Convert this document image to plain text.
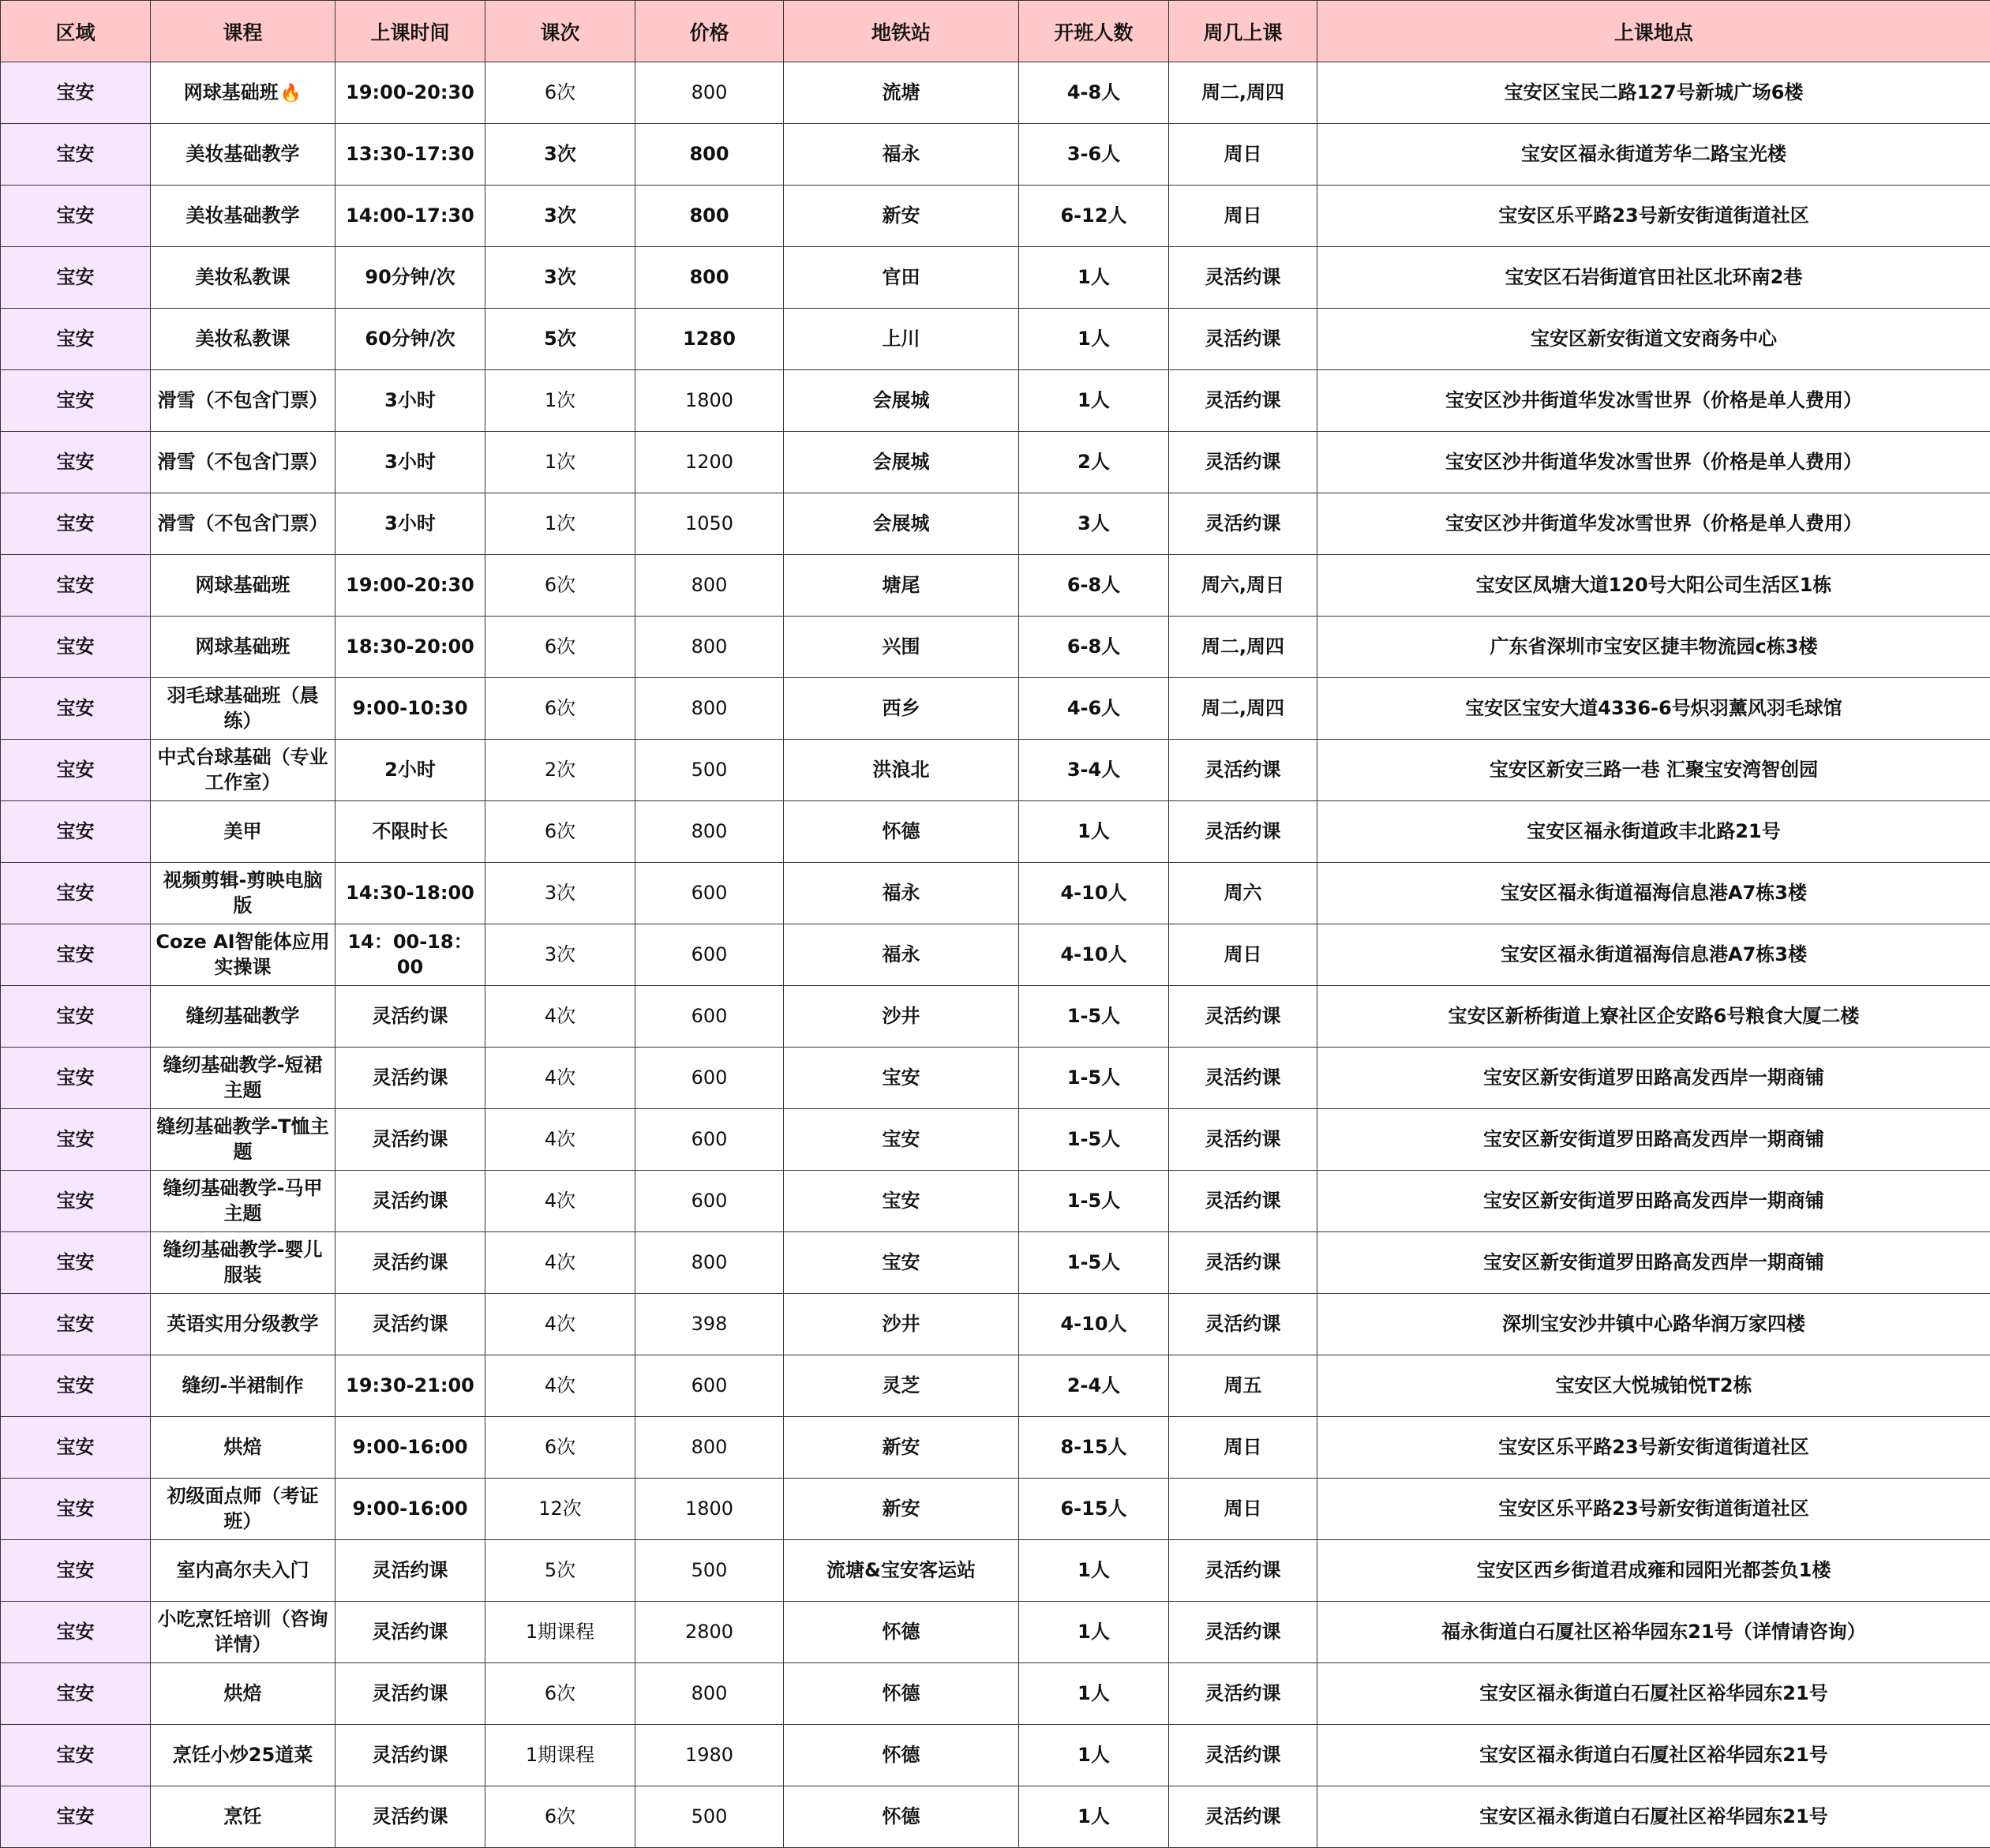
区域	课程	上课时间	课次	价格	地铁站	开班人数	周几上课	上课地点
宝安	网球基础班🔥	19:00-20:30	6次	800	流塘	4-8人	周二,周四	宝安区宝民二路127号新城广场6楼
宝安	美妆基础教学	13:30-17:30	3次	800	福永	3-6人	周日	宝安区福永街道芳华二路宝光楼
宝安	美妆基础教学	14:00-17:30	3次	800	新安	6-12人	周日	宝安区乐平路23号新安街道街道社区
宝安	美妆私教课	90分钟/次	3次	800	官田	1人	灵活约课	宝安区石岩街道官田社区北环南2巷
宝安	美妆私教课	60分钟/次	5次	1280	上川	1人	灵活约课	宝安区新安街道文安商务中心
宝安	滑雪（不包含门票）	3小时	1次	1800	会展城	1人	灵活约课	宝安区沙井街道华发冰雪世界（价格是单人费用）
宝安	滑雪（不包含门票）	3小时	1次	1200	会展城	2人	灵活约课	宝安区沙井街道华发冰雪世界（价格是单人费用）
宝安	滑雪（不包含门票）	3小时	1次	1050	会展城	3人	灵活约课	宝安区沙井街道华发冰雪世界（价格是单人费用）
宝安	网球基础班	19:00-20:30	6次	800	塘尾	6-8人	周六,周日	宝安区凤塘大道120号大阳公司生活区1栋
宝安	网球基础班	18:30-20:00	6次	800	兴围	6-8人	周二,周四	广东省深圳市宝安区捷丰物流园c栋3楼
宝安	羽毛球基础班（晨练）	9:00-10:30	6次	800	西乡	4-6人	周二,周四	宝安区宝安大道4336-6号炽羽薰风羽毛球馆
宝安	中式台球基础（专业工作室）	2小时	2次	500	洪浪北	3-4人	灵活约课	宝安区新安三路一巷 汇聚宝安湾智创园
宝安	美甲	不限时长	6次	800	怀德	1人	灵活约课	宝安区福永街道政丰北路21号
宝安	视频剪辑-剪映电脑版	14:30-18:00	3次	600	福永	4-10人	周六	宝安区福永街道福海信息港A7栋3楼
宝安	Coze AI智能体应用实操课	14：00-18：00	3次	600	福永	4-10人	周日	宝安区福永街道福海信息港A7栋3楼
宝安	缝纫基础教学	灵活约课	4次	600	沙井	1-5人	灵活约课	宝安区新桥街道上寮社区企安路6号粮食大厦二楼
宝安	缝纫基础教学-短裙主题	灵活约课	4次	600	宝安	1-5人	灵活约课	宝安区新安街道罗田路高发西岸一期商铺
宝安	缝纫基础教学-T恤主题	灵活约课	4次	600	宝安	1-5人	灵活约课	宝安区新安街道罗田路高发西岸一期商铺
宝安	缝纫基础教学-马甲主题	灵活约课	4次	600	宝安	1-5人	灵活约课	宝安区新安街道罗田路高发西岸一期商铺
宝安	缝纫基础教学-婴儿服装	灵活约课	4次	800	宝安	1-5人	灵活约课	宝安区新安街道罗田路高发西岸一期商铺
宝安	英语实用分级教学	灵活约课	4次	398	沙井	4-10人	灵活约课	深圳宝安沙井镇中心路华润万家四楼
宝安	缝纫-半裙制作	19:30-21:00	4次	600	灵芝	2-4人	周五	宝安区大悦城铂悦T2栋
宝安	烘焙	9:00-16:00	6次	800	新安	8-15人	周日	宝安区乐平路23号新安街道街道社区
宝安	初级面点师（考证班）	9:00-16:00	12次	1800	新安	6-15人	周日	宝安区乐平路23号新安街道街道社区
宝安	室内高尔夫入门	灵活约课	5次	500	流塘&宝安客运站	1人	灵活约课	宝安区西乡街道君成雍和园阳光都荟负1楼
宝安	小吃烹饪培训（咨询详情）	灵活约课	1期课程	2800	怀德	1人	灵活约课	福永街道白石厦社区裕华园东21号（详情请咨询）
宝安	烘焙	灵活约课	6次	800	怀德	1人	灵活约课	宝安区福永街道白石厦社区裕华园东21号
宝安	烹饪小炒25道菜	灵活约课	1期课程	1980	怀德	1人	灵活约课	宝安区福永街道白石厦社区裕华园东21号
宝安	烹饪	灵活约课	6次	500	怀德	1人	灵活约课	宝安区福永街道白石厦社区裕华园东21号
